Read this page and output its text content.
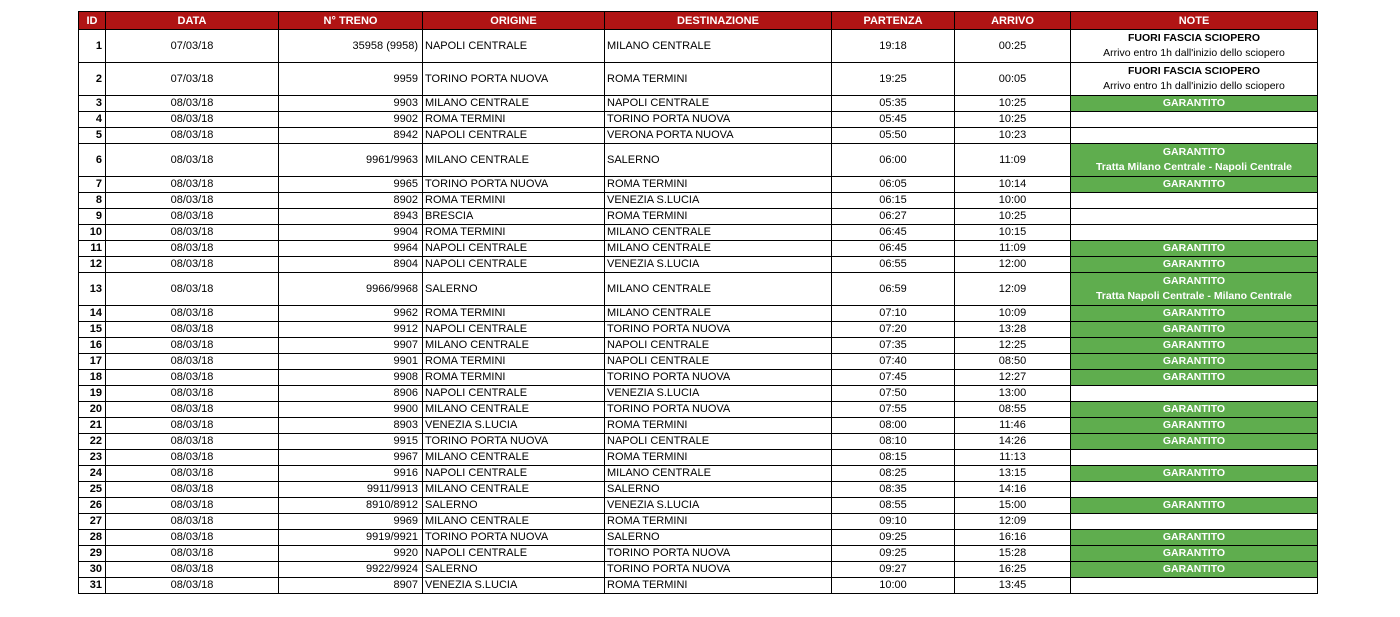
ID	DATA	N° TRENO	ORIGINE	DESTINAZIONE	PARTENZA	ARRIVO	NOTE
1	07/03/18	35958 (9958)	NAPOLI CENTRALE	MILANO CENTRALE	19:18	00:25	FUORI FASCIA SCIOPERO
Arrivo entro 1h dall'inizio dello sciopero

2	07/03/18	9959	TORINO PORTA NUOVA	ROMA TERMINI	19:25	00:05	FUORI FASCIA SCIOPERO
Arrivo entro 1h dall'inizio dello sciopero

3	08/03/18	9903	MILANO CENTRALE	NAPOLI CENTRALE	05:35	10:25	GARANTITO

4	08/03/18	9902	ROMA TERMINI	TORINO PORTA NUOVA	05:45	10:25	
5	08/03/18	8942	NAPOLI CENTRALE	VERONA PORTA NUOVA	05:50	10:23	
6	08/03/18	9961/9963	MILANO CENTRALE	SALERNO	06:00	11:09	GARANTITO
Tratta Milano Centrale - Napoli Centrale

7	08/03/18	9965	TORINO PORTA NUOVA	ROMA TERMINI	06:05	10:14	GARANTITO

8	08/03/18	8902	ROMA TERMINI	VENEZIA S.LUCIA	06:15	10:00	
9	08/03/18	8943	BRESCIA	ROMA TERMINI	06:27	10:25	
10	08/03/18	9904	ROMA TERMINI	MILANO CENTRALE	06:45	10:15	
11	08/03/18	9964	NAPOLI CENTRALE	MILANO CENTRALE	06:45	11:09	GARANTITO

12	08/03/18	8904	NAPOLI CENTRALE	VENEZIA S.LUCIA	06:55	12:00	GARANTITO

13	08/03/18	9966/9968	SALERNO	MILANO CENTRALE	06:59	12:09	GARANTITO
Tratta Napoli Centrale - Milano Centrale

14	08/03/18	9962	ROMA TERMINI	MILANO CENTRALE	07:10	10:09	GARANTITO

15	08/03/18	9912	NAPOLI CENTRALE	TORINO PORTA NUOVA	07:20	13:28	GARANTITO

16	08/03/18	9907	MILANO CENTRALE	NAPOLI CENTRALE	07:35	12:25	GARANTITO

17	08/03/18	9901	ROMA TERMINI	NAPOLI CENTRALE	07:40	08:50	GARANTITO

18	08/03/18	9908	ROMA TERMINI	TORINO PORTA NUOVA	07:45	12:27	GARANTITO

19	08/03/18	8906	NAPOLI CENTRALE	VENEZIA S.LUCIA	07:50	13:00	
20	08/03/18	9900	MILANO CENTRALE	TORINO PORTA NUOVA	07:55	08:55	GARANTITO

21	08/03/18	8903	VENEZIA S.LUCIA	ROMA TERMINI	08:00	11:46	GARANTITO

22	08/03/18	9915	TORINO PORTA NUOVA	NAPOLI CENTRALE	08:10	14:26	GARANTITO

23	08/03/18	9967	MILANO CENTRALE	ROMA TERMINI	08:15	11:13	
24	08/03/18	9916	NAPOLI CENTRALE	MILANO CENTRALE	08:25	13:15	GARANTITO

25	08/03/18	9911/9913	MILANO CENTRALE	SALERNO	08:35	14:16	
26	08/03/18	8910/8912	SALERNO	VENEZIA S.LUCIA	08:55	15:00	GARANTITO

27	08/03/18	9969	MILANO CENTRALE	ROMA TERMINI	09:10	12:09	
28	08/03/18	9919/9921	TORINO PORTA NUOVA	SALERNO	09:25	16:16	GARANTITO

29	08/03/18	9920	NAPOLI CENTRALE	TORINO PORTA NUOVA	09:25	15:28	GARANTITO

30	08/03/18	9922/9924	SALERNO	TORINO PORTA NUOVA	09:27	16:25	GARANTITO

31	08/03/18	8907	VENEZIA S.LUCIA	ROMA TERMINI	10:00	13:45	
